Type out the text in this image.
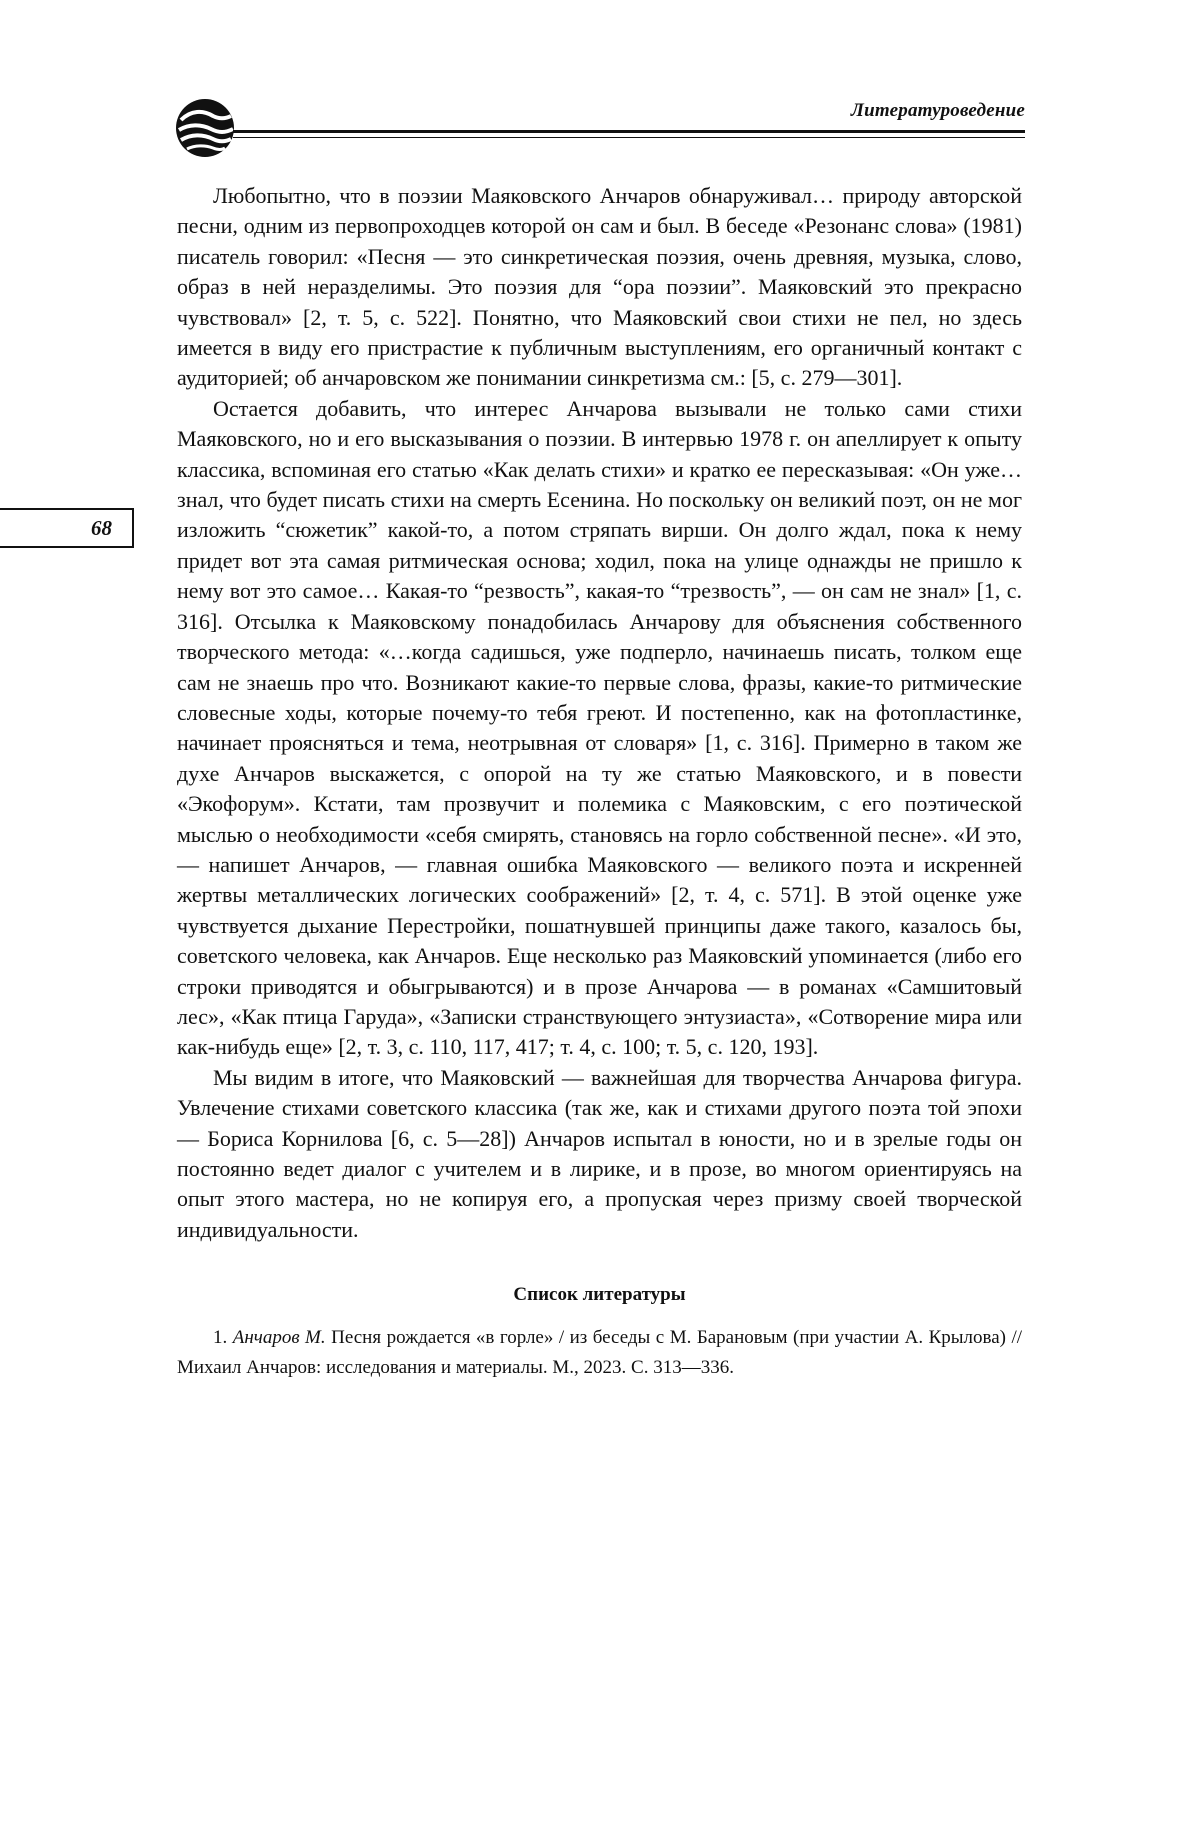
Литературоведение
68

Любопытно, что в поэзии Маяковского Анчаров обнаруживал… природу авторской песни, одним из первопроходцев которой он сам и был. В беседе «Резонанс слова» (1981) писатель говорил: «Песня — это синкретическая поэзия, очень древняя, музыка, слово, образ в ней неразделимы. Это поэзия для “ора поэзии”. Маяковский это прекрасно чувствовал» [2, т. 5, с. 522]. Понятно, что Маяковский свои стихи не пел, но здесь имеется в виду его пристрастие к публичным выступлениям, его органичный контакт с аудиторией; об анчаровском же понимании синкретизма см.: [5, с. 279—301].

Остается добавить, что интерес Анчарова вызывали не только сами стихи Маяковского, но и его высказывания о поэзии. В интервью 1978 г. он апеллирует к опыту классика, вспоминая его статью «Как делать стихи» и кратко ее пересказывая: «Он уже… знал, что будет писать стихи на смерть Есенина. Но поскольку он великий поэт, он не мог изложить “сюжетик” какой-то, а потом стряпать вирши. Он долго ждал, пока к нему придет вот эта самая ритмическая основа; ходил, пока на улице однажды не пришло к нему вот это самое… Какая-то “резвость”, какая-то “трезвость”, — он сам не знал» [1, с. 316]. Отсылка к Маяковскому понадобилась Анчарову для объяснения собственного творческого метода: «…когда садишься, уже подперло, начинаешь писать, толком еще сам не знаешь про что. Возникают какие-то первые слова, фразы, какие-то ритмические словесные ходы, которые почему-то тебя греют. И постепенно, как на фотопластинке, начинает проясняться и тема, неотрывная от словаря» [1, с. 316]. Примерно в таком же духе Анчаров выскажется, с опорой на ту же статью Маяковского, и в повести «Экофорум». Кстати, там прозвучит и полемика с Маяковским, с его поэтической мыслью о необходимости «себя смирять, становясь на горло собственной песне». «И это, — напишет Анчаров, — главная ошибка Маяковского — великого поэта и искренней жертвы металлических логических соображений» [2, т. 4, с. 571]. В этой оценке уже чувствуется дыхание Перестройки, пошатнувшей принципы даже такого, казалось бы, советского человека, как Анчаров. Еще несколько раз Маяковский упоминается (либо его строки приводятся и обыгрываются) и в прозе Анчарова — в романах «Самшитовый лес», «Как птица Гаруда», «Записки странствующего энтузиаста», «Сотворение мира или как-нибудь еще» [2, т. 3, с. 110, 117, 417; т. 4, с. 100; т. 5, с. 120, 193].

Мы видим в итоге, что Маяковский — важнейшая для творчества Анчарова фигура. Увлечение стихами советского классика (так же, как и стихами другого поэта той эпохи — Бориса Корнилова [6, с. 5—28]) Анчаров испытал в юности, но и в зрелые годы он постоянно ведет диалог с учителем и в лирике, и в прозе, во многом ориентируясь на опыт этого мастера, но не копируя его, а пропуская через призму своей творческой индивидуальности.

Список литературы

1. Анчаров М. Песня рождается «в горле» / из беседы с М. Барановым (при участии А. Крылова) // Михаил Анчаров: исследования и материалы. М., 2023. С. 313—336.
